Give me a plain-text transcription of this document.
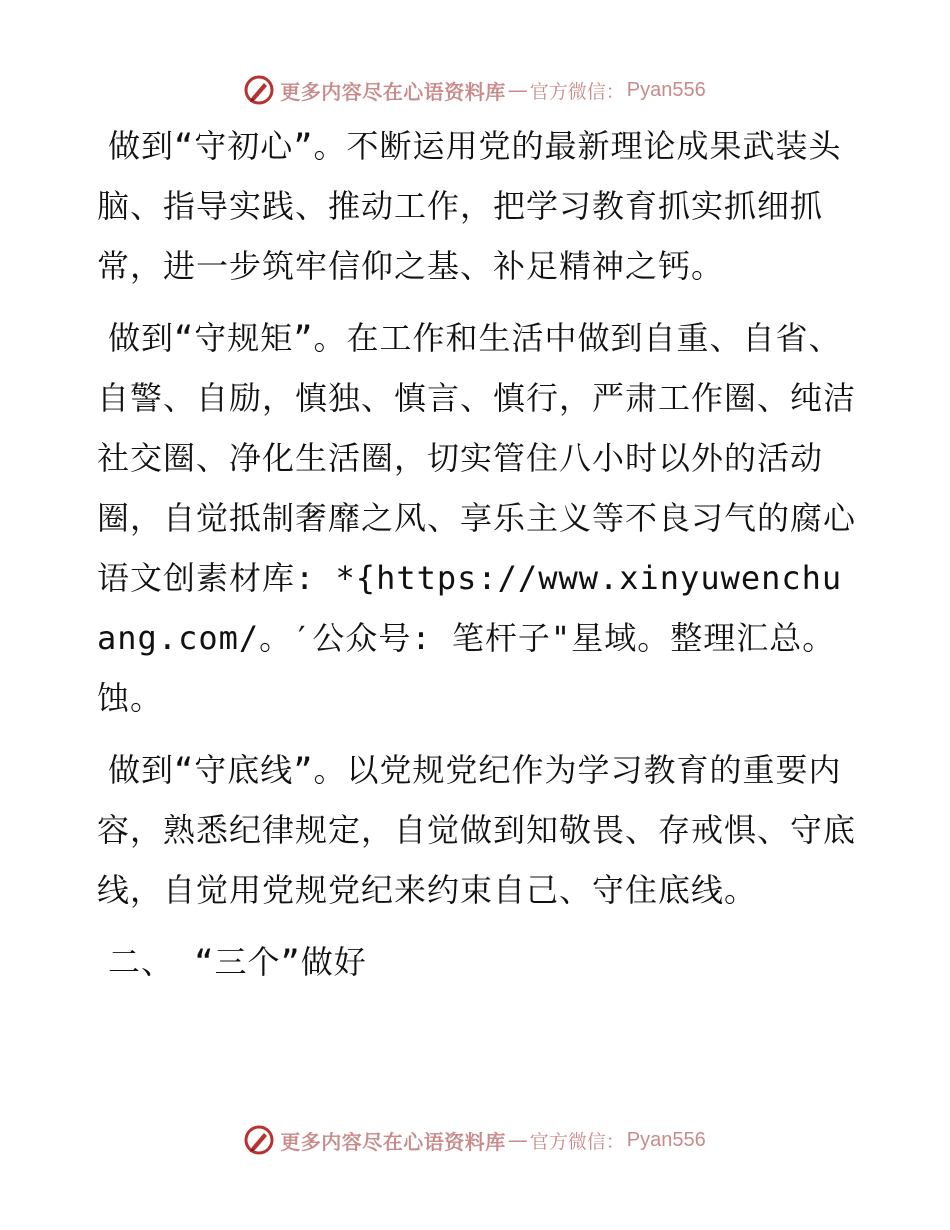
更多内容尽在心语资料库 — 官方微信： Pyan556

做到“守初心”。不断运用党的最新理论成果武装头脑、指导实践、推动工作，把学习教育抓实抓细抓常，进一步筑牢信仰之基、补足精神之钙。

做到“守规矩”。在工作和生活中做到自重、自省、自警、自励，慎独、慎言、慎行，严肃工作圈、纯洁社交圈、净化生活圈，切实管住八小时以外的活动圈，自觉抵制奢靡之风、享乐主义等不良习气的腐心语文创素材库: *{https://www.xinyuwenchuang.com/。′公众号: 笔杆子"星域。整理汇总。蚀。

做到“守底线”。以党规党纪作为学习教育的重要内容，熟悉纪律规定，自觉做到知敬畏、存戒惧、守底线，自觉用党规党纪来约束自己、守住底线。

二、 “三个”做好

更多内容尽在心语资料库 — 官方微信： Pyan556
